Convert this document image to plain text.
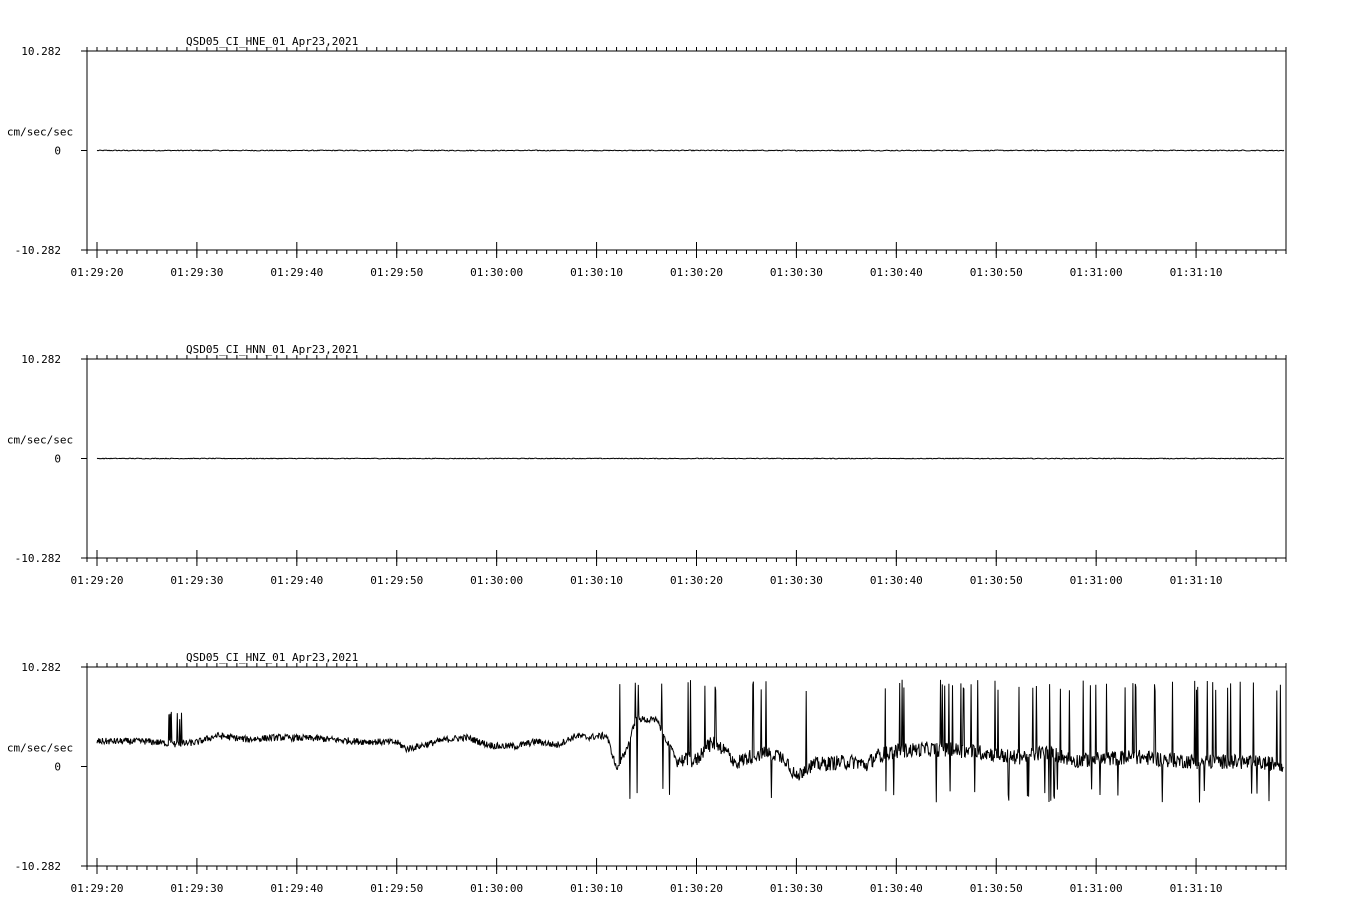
QSD05_CI_HNE_01 Apr23,2021
10.282
0
-10.282
cm/sec/sec
01:29:20	01:29:30	01:29:40	01:29:50	01:30:00	01:30:10	01:30:20	01:30:30	01:30:40	01:30:50	01:31:00	01:31:10
QSD05_CI_HNN_01 Apr23,2021
10.282
0
-10.282
cm/sec/sec
01:29:20	01:29:30	01:29:40	01:29:50	01:30:00	01:30:10	01:30:20	01:30:30	01:30:40	01:30:50	01:31:00	01:31:10
QSD05_CI_HNZ_01 Apr23,2021
10.282
0
-10.282
cm/sec/sec
01:29:20	01:29:30	01:29:40	01:29:50	01:30:00	01:30:10	01:30:20	01:30:30	01:30:40	01:30:50	01:31:00	01:31:10
